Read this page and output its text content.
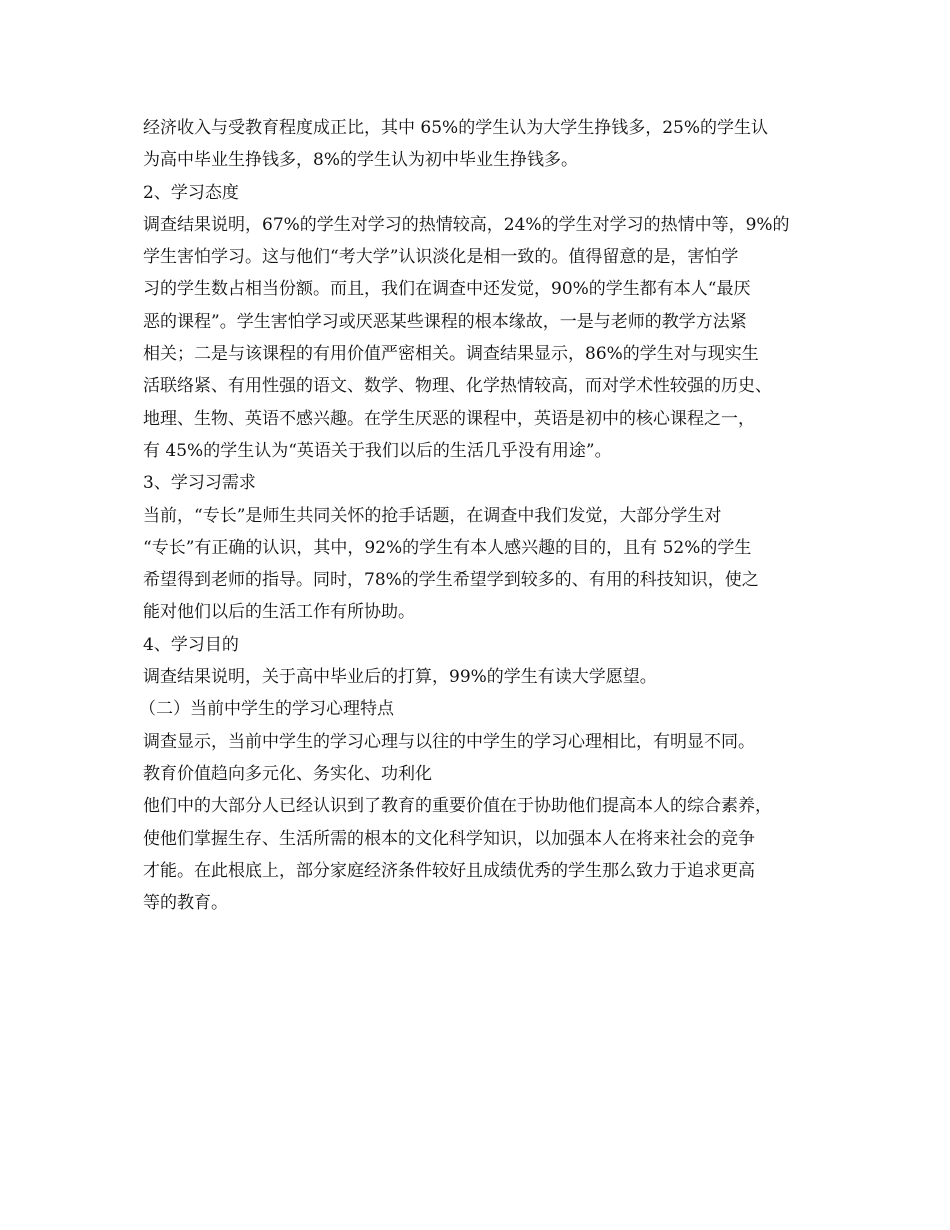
经济收入与受教育程度成正比，其中 65%的学生认为大学生挣钱多，25%的学生认
为高中毕业生挣钱多，8%的学生认为初中毕业生挣钱多。
2、学习态度
调查结果说明，67%的学生对学习的热情较高，24%的学生对学习的热情中等，9%的
学生害怕学习。这与他们“考大学”认识淡化是相一致的。值得留意的是，害怕学
习的学生数占相当份额。而且，我们在调查中还发觉，90%的学生都有本人“最厌
恶的课程”。学生害怕学习或厌恶某些课程的根本缘故，一是与老师的教学方法紧
相关；二是与该课程的有用价值严密相关。调查结果显示，86%的学生对与现实生
活联络紧、有用性强的语文、数学、物理、化学热情较高，而对学术性较强的历史、
地理、生物、英语不感兴趣。在学生厌恶的课程中，英语是初中的核心课程之一，
有 45%的学生认为“英语关于我们以后的生活几乎没有用途”。
3、学习习需求
当前，“专长”是师生共同关怀的抢手话题，在调查中我们发觉，大部分学生对
“专长”有正确的认识，其中，92%的学生有本人感兴趣的目的，且有 52%的学生
希望得到老师的指导。同时，78%的学生希望学到较多的、有用的科技知识，使之
能对他们以后的生活工作有所协助。
4、学习目的
调查结果说明，关于高中毕业后的打算，99%的学生有读大学愿望。
（二）当前中学生的学习心理特点
调查显示，当前中学生的学习心理与以往的中学生的学习心理相比，有明显不同。
教育价值趋向多元化、务实化、功利化
他们中的大部分人已经认识到了教育的重要价值在于协助他们提高本人的综合素养，
使他们掌握生存、生活所需的根本的文化科学知识，以加强本人在将来社会的竞争
才能。在此根底上，部分家庭经济条件较好且成绩优秀的学生那么致力于追求更高
等的教育。
